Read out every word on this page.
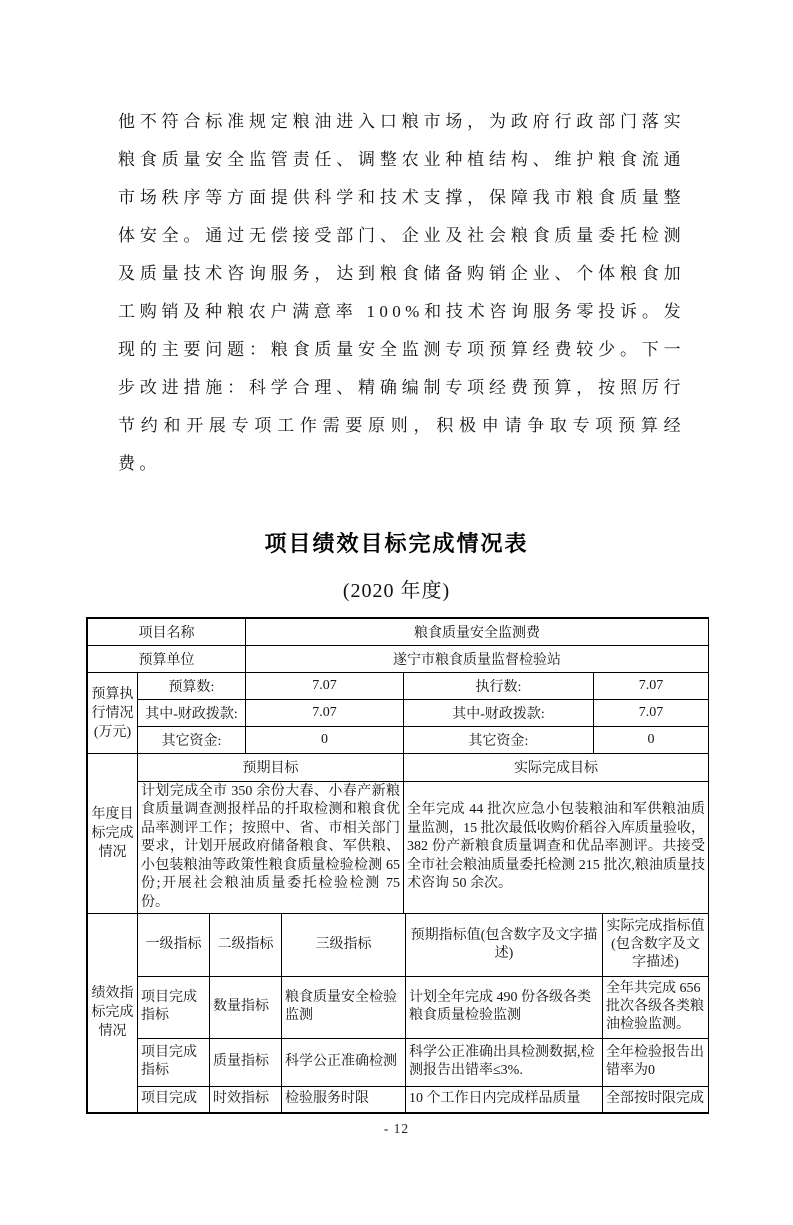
他不符合标准规定粮油进入口粮市场，为政府行政部门落实粮食质量安全监管责任、调整农业种植结构、维护粮食流通市场秩序等方面提供科学和技术支撑，保障我市粮食质量整体安全。通过无偿接受部门、企业及社会粮食质量委托检测及质量技术咨询服务，达到粮食储备购销企业、个体粮食加工购销及种粮农户满意率 100%和技术咨询服务零投诉。发现的主要问题：粮食质量安全监测专项预算经费较少。下一步改进措施：科学合理、精确编制专项经费预算，按照厉行节约和开展专项工作需要原则，积极申请争取专项预算经费。
项目绩效目标完成情况表
(2020 年度)
项目名称		粮食质量安全监测费		
预算单位		遂宁市粮食质量监督检验站		
预算执行情况(万元)	预算数:	7.07	执行数:	7.07
	其中-财政拨款:	7.07	其中-财政拨款:	7.07
	其它资金:	0	其它资金:	0
年度目标完成情况	预期目标	实际完成目标
	计划完成全市 350 余份大春、小春产新粮食质量调查测报样品的扦取检测和粮食优品率测评工作；按照中、省、市相关部门要求，计划开展政府储备粮食、军供粮、小包装粮油等政策性粮食质量检验检测 65 份;开展社会粮油质量委托检验检测 75 份。	全年完成 44 批次应急小包装粮油和军供粮油质量监测，15 批次最低收购价稻谷入库质量验收，382 份产新粮食质量调查和优品率测评。共接受全市社会粮油质量委托检测 215 批次,粮油质量技术咨询 50 余次。
绩效指标完成情况	一级指标	二级指标	三级指标	预期指标值(包含数字及文字描述)	实际完成指标值(包含数字及文字描述)
	项目完成指标	数量指标	粮食质量安全检验监测	计划全年完成 490 份各级各类粮食质量检验监测	全年共完成 656 批次各级各类粮油检验监测。
	项目完成指标	质量指标	科学公正准确检测	科学公正准确出具检测数据,检测报告出错率≤3%.	全年检验报告出错率为0
	项目完成	时效指标	检验服务时限	10 个工作日内完成样品质量	全部按时限完成
- 12
